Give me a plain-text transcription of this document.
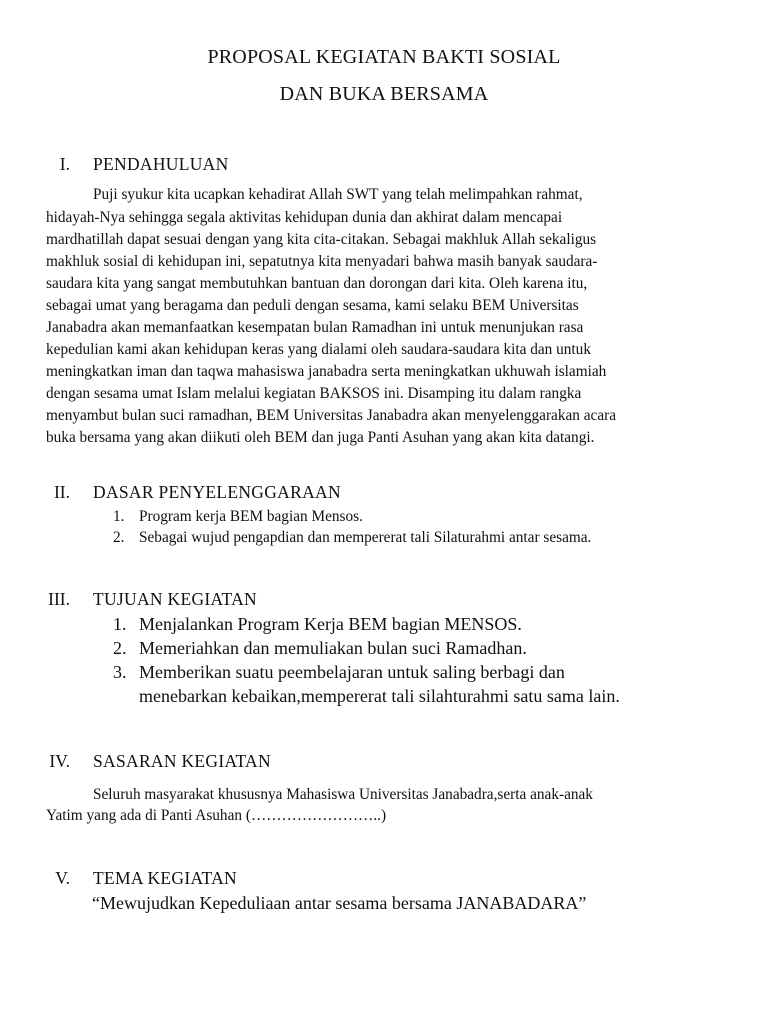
PROPOSAL KEGIATAN BAKTI SOSIAL
DAN BUKA BERSAMA
I. PENDAHULUAN
Puji syukur kita ucapkan kehadirat Allah SWT yang telah melimpahkan rahmat,
hidayah-Nya sehingga segala aktivitas kehidupan dunia dan akhirat dalam mencapai
mardhatillah dapat sesuai dengan yang kita cita-citakan. Sebagai makhluk Allah sekaligus
makhluk sosial di kehidupan ini, sepatutnya kita menyadari bahwa masih banyak saudara-
saudara kita yang sangat membutuhkan bantuan dan dorongan dari kita. Oleh karena itu,
sebagai umat yang beragama dan peduli dengan sesama, kami selaku BEM Universitas
Janabadra akan memanfaatkan kesempatan bulan Ramadhan ini untuk menunjukan rasa
kepedulian kami akan kehidupan keras yang dialami oleh saudara-saudara kita dan untuk
meningkatkan iman dan taqwa mahasiswa janabadra serta meningkatkan ukhuwah islamiah
dengan sesama umat Islam melalui kegiatan BAKSOS ini. Disamping itu dalam rangka
menyambut bulan suci ramadhan, BEM Universitas Janabadra akan menyelenggarakan acara
buka bersama yang akan diikuti oleh BEM dan juga Panti Asuhan yang akan kita datangi.
II. DASAR PENYELENGGARAAN
1. Program kerja BEM bagian Mensos.
2. Sebagai wujud pengapdian dan mempererat tali Silaturahmi antar sesama.
III. TUJUAN KEGIATAN
1. Menjalankan Program Kerja BEM bagian MENSOS.
2. Memeriahkan dan memuliakan bulan suci Ramadhan.
3. Memberikan suatu peembelajaran untuk saling berbagi dan
menebarkan kebaikan,mempererat tali silahturahmi satu sama lain.
IV. SASARAN KEGIATAN
Seluruh masyarakat khususnya Mahasiswa Universitas Janabadra,serta anak-anak
Yatim yang ada di Panti Asuhan (……………………..)
V. TEMA KEGIATAN
“Mewujudkan Kepeduliaan antar sesama bersama JANABADARA”
